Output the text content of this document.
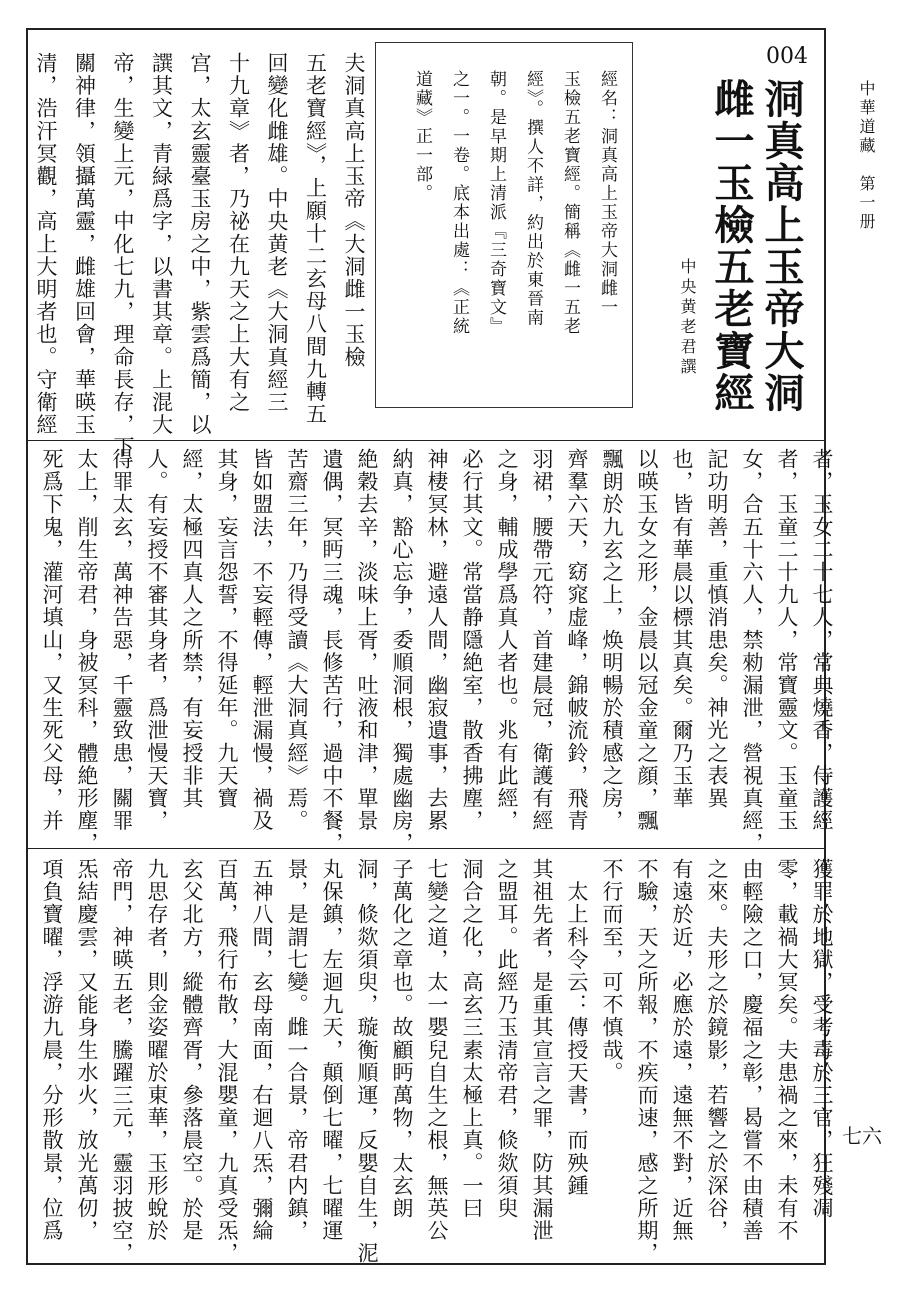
中華道藏　第一册
七六
004
洞真高上玉帝大洞
雌一玉檢五老寶經
中央黄老君譔
經名：洞真高上玉帝大洞雌一
玉檢五老寶經。簡稱《雌一五老
經》。撰人不詳，約出於東晉南
朝。是早期上清派『三奇寶文』
之一。一卷。底本出處：《正統
道藏》正一部。
夫洞真高上玉帝《大洞雌一玉檢
五老寶經》，上願十二玄母八間九轉五
回變化雌雄。中央黄老《大洞真經三
十九章》者，乃祕在九天之上大有之
宫，太玄靈臺玉房之中，紫雲爲簡，以
譔其文，青緑爲字，以書其章。上混大
帝，生變上元，中化七九，理命長存，下
關神律，領攝萬靈，雌雄回會，華暎玉
清，浩汗冥觀，高上大明者也。守衛經
者，玉女二十七人，常典燒香，侍護經
者，玉童二十九人，常寶靈文。玉童玉
女，合五十六人，禁勑漏泄，營視真經，
記功明善，重慎消患矣。神光之表異
也，皆有華晨以標其真矣。爾乃玉華
以暎玉女之形，金晨以冠金童之顔，飄
飄朗於九玄之上，焕明暢於積感之房，
齊羣六天，窈窕虚峰，錦帔流鈴，飛青
羽裙，腰帶元符，首建晨冠，衛護有經
之身，輔成學爲真人者也。兆有此經，
必行其文。常當静隱絶室，散香拂塵，
神棲冥林，避遠人間，幽寂遺事，去累
納真，豁心忘争，委順洞根，獨處幽房，
絶穀去辛，淡味上胥，吐液和津，單景
遺偶，冥眄三魂，長修苦行，過中不餐，
苦齋三年，乃得受讀《大洞真經》焉。
皆如盟法，不妄輕傳，輕泄漏慢，禍及
其身，妄言怨誓，不得延年。九天寶
經，太極四真人之所禁，有妄授非其
人。有妄授不審其身者，爲泄慢天寶，
得罪太玄，萬神告惡，千靈致患，關罪
太上，削生帝君，身被冥科，體絶形塵，
死爲下鬼，灌河填山，又生死父母，并
獲罪於地獄，受考毒於三官，狂殘凋
零，載禍大冥矣。夫患禍之來，未有不
由輕險之口，慶福之彰，曷嘗不由積善
之來。夫形之於鏡影，若響之於深谷，
有遠於近，必應於遠，遠無不對，近無
不驗，天之所報，不疾而速，感之所期，
不行而至，可不慎哉。
　太上科令云：傳授天書，而殃鍾
其祖先者，是重其宣言之罪，防其漏泄
之盟耳。此經乃玉清帝君，倐欻須臾
洞合之化，高玄三素太極上真。一曰
七變之道，太一嬰兒自生之根，無英公
子萬化之章也。故顧眄萬物，太玄朗
洞，倐欻須臾，璇衡順運，反嬰自生，泥
丸保鎮，左迴九天，顛倒七曜，七曜運
景，是謂七變。雌一合景，帝君内鎮，
五神八間，玄母南面，右迴八炁，彌綸
百萬，飛行布散，大混嬰童，九真受炁，
玄父北方，縱體齊胥，參落晨空。於是
九思存者，則金姿曜於東華，玉形蛻於
帝門，神暎五老，騰躍三元，靈羽披空，
炁結慶雲，又能身生水火，放光萬仞，
項負寶曜，浮游九晨，分形散景，位爲
